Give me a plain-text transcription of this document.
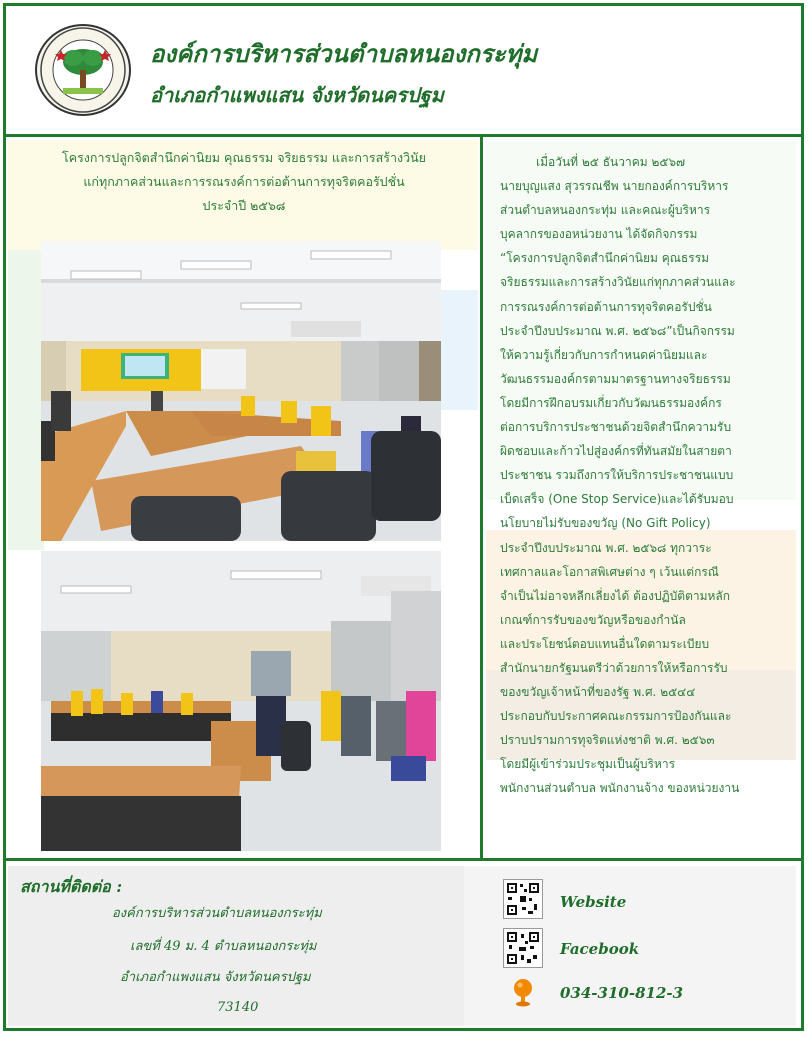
องค์การบริหารส่วนตำบลหนองกระทุ่ม
อำเภอกำแพงแสน จังหวัดนครปฐม
โครงการปลูกจิตสำนึกค่านิยม คุณธรรม จริยธรรม และการสร้างวินัย
แก่ทุกภาคส่วนและการรณรงค์การต่อต้านการทุจริตคอรัปชั่น
ประจำปี ๒๕๖๘
เมื่อวันที่ ๒๕ ธันวาคม ๒๕๖๗
นายบุญแสง สุวรรณชีพ นายกองค์การบริหาร
ส่วนตำบลหนองกระทุ่ม และคณะผู้บริหาร
บุคลากรของอหน่วยงาน ได้จัดกิจกรรม
“โครงการปลูกจิตสำนึกค่านิยม คุณธรรม
จริยธรรมและการสร้างวินัยแก่ทุกภาคส่วนและ
การรณรงค์การต่อต้านการทุจริตคอรัปชั่น
ประจำปีงบประมาณ พ.ศ. ๒๕๖๘”เป็นกิจกรรม
ให้ความรู้เกี่ยวกับการกำหนดค่านิยมและ
วัฒนธรรมองค์กรตามมาตรฐานทางจริยธรรม
โดยมีการฝึกอบรมเกี่ยวกับวัฒนธรรมองค์กร
ต่อการบริการประชาชนด้วยจิตสำนึกความรับ
ผิดชอบและก้าวไปสู่องค์กรที่ทันสมัยในสายตา
ประชาชน รวมถึงการให้บริการประชาชนแบบ
เบ็ดเสร็จ (One Stop Service)และได้รับมอบ
นโยบายไม่รับของขวัญ (No Gift Policy)
ประจำปีงบประมาณ พ.ศ. ๒๕๖๘ ทุกวาระ
เทศกาลและโอกาสพิเศษต่าง ๆ เว้นแต่กรณี
จำเป็นไม่อาจหลีกเลี่ยงได้ ต้องปฏิบัติตามหลัก
เกณฑ์การรับของขวัญหรือของกำนัล
และประโยชน์ตอบแทนอื่นใดตามระเบียบ
สำนักนายกรัฐมนตรีว่าด้วยการให้หรือการรับ
ของขวัญเจ้าหน้าที่ของรัฐ พ.ศ. ๒๕๔๔
ประกอบกับประกาศคณะกรรมการป้องกันและ
ปราบปรามการทุจริตแห่งชาติ พ.ศ. ๒๕๖๓
โดยมีผู้เข้าร่วมประชุมเป็นผู้บริหาร
พนักงานส่วนตำบล พนักงานจ้าง ของหน่วยงาน
สถานที่ติดต่อ :
องค์การบริหารส่วนตำบลหนองกระทุ่ม
เลขที่ 49 ม. 4 ตำบลหนองกระทุ่ม
อำเภอกำแพงแสน จังหวัดนครปฐม
73140
Website
Facebook
034-310-812-3
